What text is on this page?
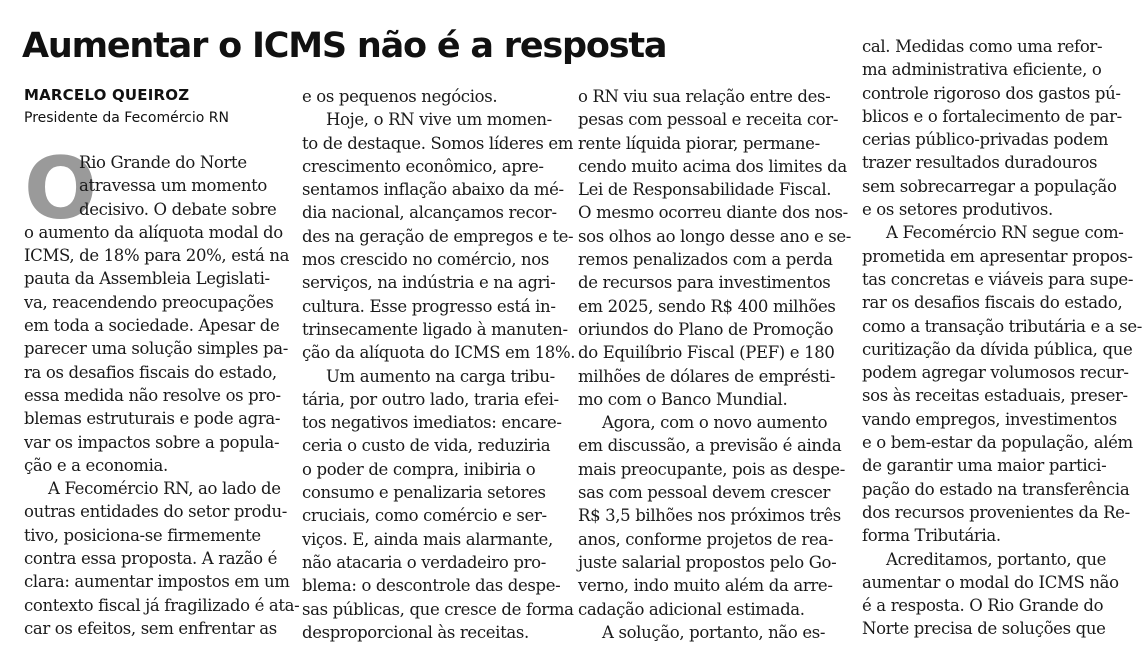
Aumentar o ICMS não é a resposta
MARCELO QUEIROZ
Presidente da Fecomércio RN
O
Rio Grande do Norte
atravessa um momento
decisivo. O debate sobre
o aumento da alíquota modal do
ICMS, de 18% para 20%, está na
pauta da Assembleia Legislati-
va, reacendendo preocupações
em toda a sociedade. Apesar de
parecer uma solução simples pa-
ra os desafios fiscais do estado,
essa medida não resolve os pro-
blemas estruturais e pode agra-
var os impactos sobre a popula-
ção e a economia.
A Fecomércio RN, ao lado de
outras entidades do setor produ-
tivo, posiciona-se firmemente
contra essa proposta. A razão é
clara: aumentar impostos em um
contexto fiscal já fragilizado é ata-
car os efeitos, sem enfrentar as
e os pequenos negócios.
Hoje, o RN vive um momen-
to de destaque. Somos líderes em
crescimento econômico, apre-
sentamos inflação abaixo da mé-
dia nacional, alcançamos recor-
des na geração de empregos e te-
mos crescido no comércio, nos
serviços, na indústria e na agri-
cultura. Esse progresso está in-
trinsecamente ligado à manuten-
ção da alíquota do ICMS em 18%.
Um aumento na carga tribu-
tária, por outro lado, traria efei-
tos negativos imediatos: encare-
ceria o custo de vida, reduziria
o poder de compra, inibiria o
consumo e penalizaria setores
cruciais, como comércio e ser-
viços. E, ainda mais alarmante,
não atacaria o verdadeiro pro-
blema: o descontrole das despe-
sas públicas, que cresce de forma
desproporcional às receitas.
o RN viu sua relação entre des-
pesas com pessoal e receita cor-
rente líquida piorar, permane-
cendo muito acima dos limites da
Lei de Responsabilidade Fiscal.
O mesmo ocorreu diante dos nos-
sos olhos ao longo desse ano e se-
remos penalizados com a perda
de recursos para investimentos
em 2025, sendo R$ 400 milhões
oriundos do Plano de Promoção
do Equilíbrio Fiscal (PEF) e 180
milhões de dólares de emprésti-
mo com o Banco Mundial.
Agora, com o novo aumento
em discussão, a previsão é ainda
mais preocupante, pois as despe-
sas com pessoal devem crescer
R$ 3,5 bilhões nos próximos três
anos, conforme projetos de rea-
juste salarial propostos pelo Go-
verno, indo muito além da arre-
cadação adicional estimada.
A solução, portanto, não es-
cal. Medidas como uma refor-
ma administrativa eficiente, o
controle rigoroso dos gastos pú-
blicos e o fortalecimento de par-
cerias público-privadas podem
trazer resultados duradouros
sem sobrecarregar a população
e os setores produtivos.
A Fecomércio RN segue com-
prometida em apresentar propos-
tas concretas e viáveis para supe-
rar os desafios fiscais do estado,
como a transação tributária e a se-
curitização da dívida pública, que
podem agregar volumosos recur-
sos às receitas estaduais, preser-
vando empregos, investimentos
e o bem-estar da população, além
de garantir uma maior partici-
pação do estado na transferência
dos recursos provenientes da Re-
forma Tributária.
Acreditamos, portanto, que
aumentar o modal do ICMS não
é a resposta. O Rio Grande do
Norte precisa de soluções que
